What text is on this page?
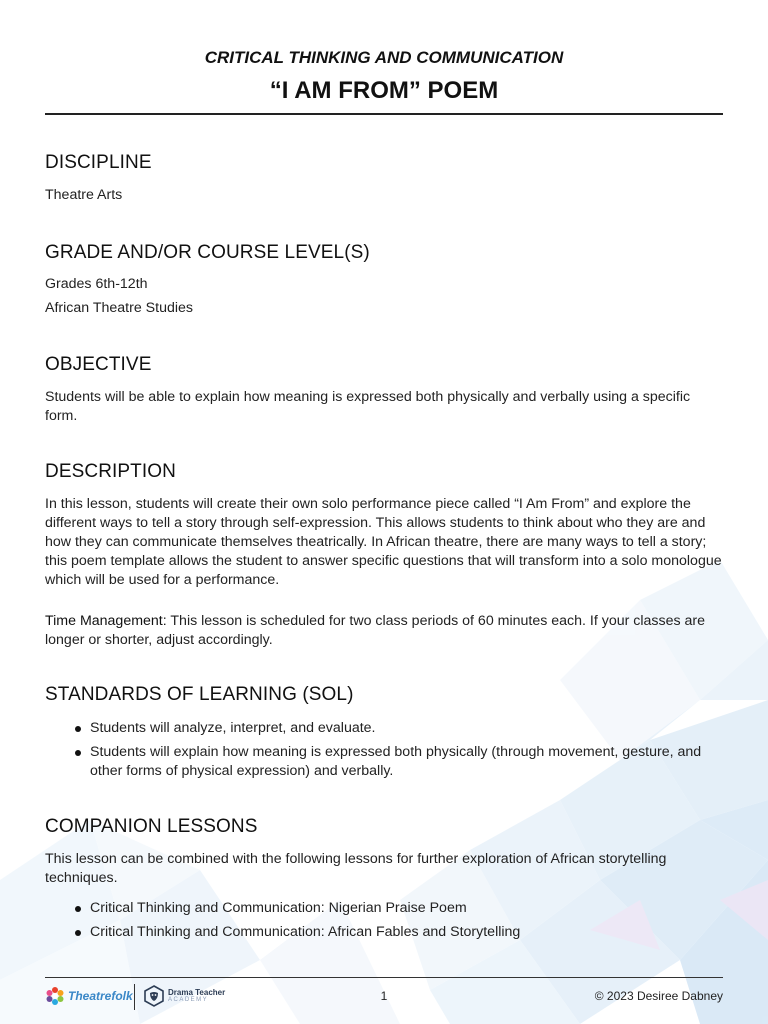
CRITICAL THINKING AND COMMUNICATION

“I AM FROM” POEM

DISCIPLINE

Theatre Arts

GRADE AND/OR COURSE LEVEL(S)

Grades 6th-12th

African Theatre Studies

OBJECTIVE

Students will be able to explain how meaning is expressed both physically and verbally using a specific form.

DESCRIPTION

In this lesson, students will create their own solo performance piece called “I Am From” and explore the different ways to tell a story through self-expression. This allows students to think about who they are and how they can communicate themselves theatrically. In African theatre, there are many ways to tell a story; this poem template allows the student to answer specific questions that will transform into a solo monologue which will be used for a performance.

Time Management: This lesson is scheduled for two class periods of 60 minutes each. If your classes are longer or shorter, adjust accordingly.

STANDARDS OF LEARNING (SOL)
Students will analyze, interpret, and evaluate.
Students will explain how meaning is expressed both physically (through movement, gesture, and other forms of physical expression) and verbally.
COMPANION LESSONS

This lesson can be combined with the following lessons for further exploration of African storytelling techniques.

Critical Thinking and Communication: Nigerian Praise Poem
Critical Thinking and Communication: African Fables and Storytelling
Theatrefolk	Drama Teacher
ACADEMY	1	© 2023 Desiree Dabney
